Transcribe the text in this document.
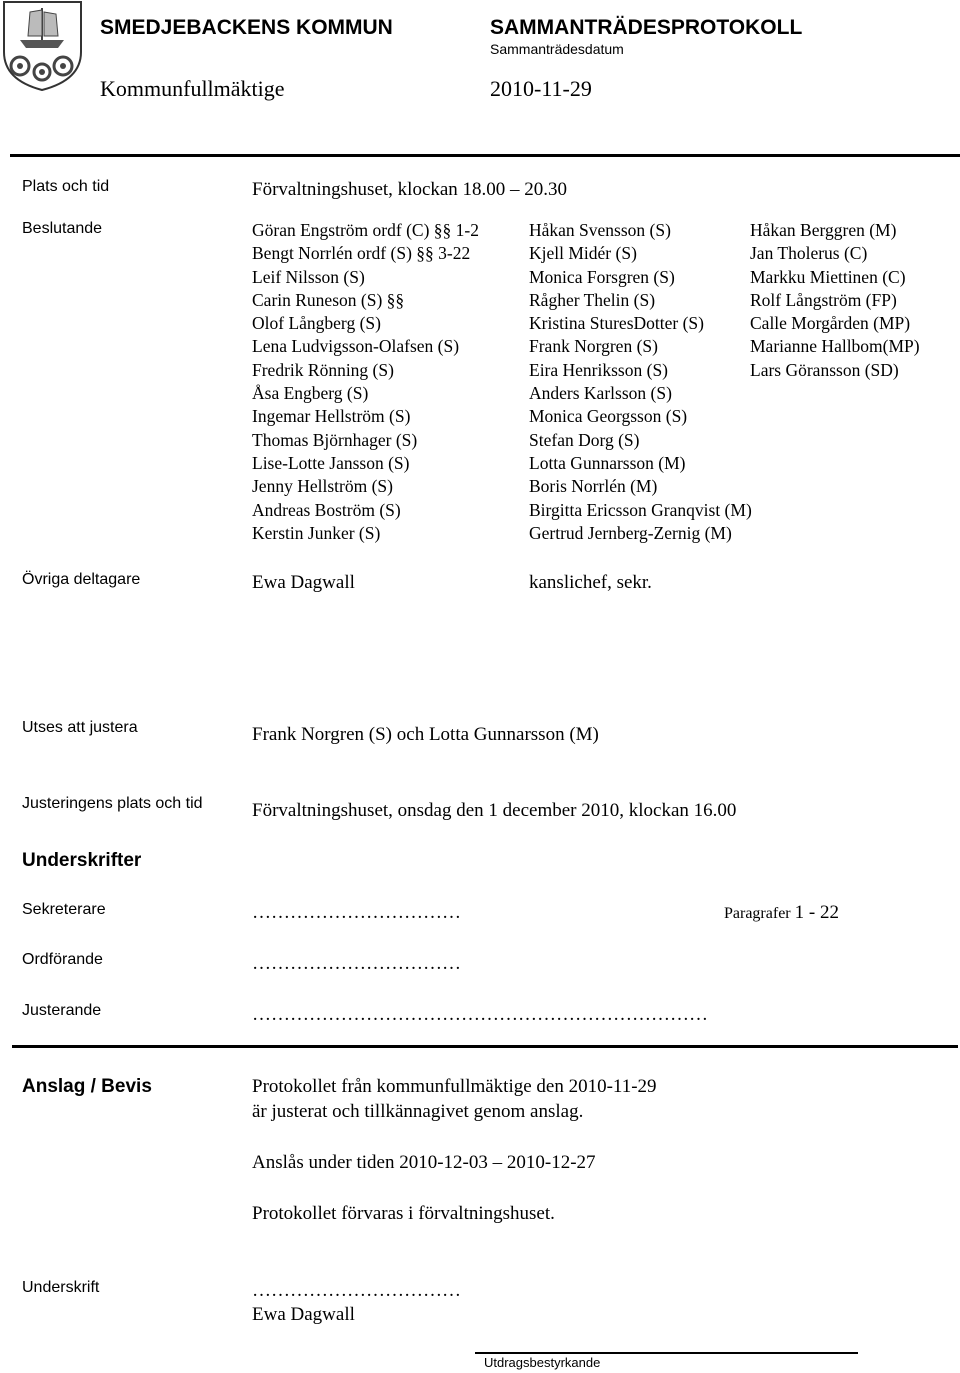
SMEDJEBACKENS KOMMUN	SAMMANTRÄDESPROTOKOLL
Sammanträdesdatum
Kommunfullmäktige	2010-11-29
Plats och tid	Förvaltningshuset, klockan 18.00 – 20.30
Beslutande	Göran Engström ordf (C) §§ 1-2
Bengt Norrlén ordf (S) §§ 3-22
Leif Nilsson (S)
Carin Runeson (S) §§
Olof Långberg (S)
Lena Ludvigsson-Olafsen (S)
Fredrik Rönning (S)
Åsa Engberg (S)
Ingemar Hellström (S)
Thomas Björnhager (S)
Lise-Lotte Jansson (S)
Jenny Hellström (S)
Andreas Boström (S)
Kerstin Junker (S)
Håkan Svensson (S)
Kjell Midér (S)
Monica Forsgren (S)
Rågher Thelin (S)
Kristina SturesDotter (S)
Frank Norgren (S)
Eira Henriksson (S)
Anders Karlsson (S)
Monica Georgsson (S)
Stefan Dorg (S)
Lotta Gunnarsson (M)
Boris Norrlén (M)
Birgitta Ericsson Granqvist (M)
Gertrud Jernberg-Zernig (M)
Håkan Berggren (M)
Jan Tholerus (C)
Markku Miettinen (C)
Rolf Långström (FP)
Calle Morgården (MP)
Marianne Hallbom(MP)
Lars Göransson (SD)
Övriga deltagare	Ewa Dagwall	kanslichef, sekr.
Utses att justera	Frank Norgren (S) och Lotta Gunnarsson (M)
Justeringens plats och tid	Förvaltningshuset, onsdag den 1 december 2010, klockan 16.00
Underskrifter
Sekreterare	……………………………	Paragrafer 1 - 22
Ordförande	……………………………
Justerande	………………………………………………………………
Anslag / Bevis	Protokollet från kommunfullmäktige den 2010-11-29
är justerat och tillkännagivet genom anslag.
Anslås under tiden 2010-12-03 – 2010-12-27
Protokollet förvaras i förvaltningshuset.
Underskrift	……………………………
Ewa Dagwall
Utdragsbestyrkande
